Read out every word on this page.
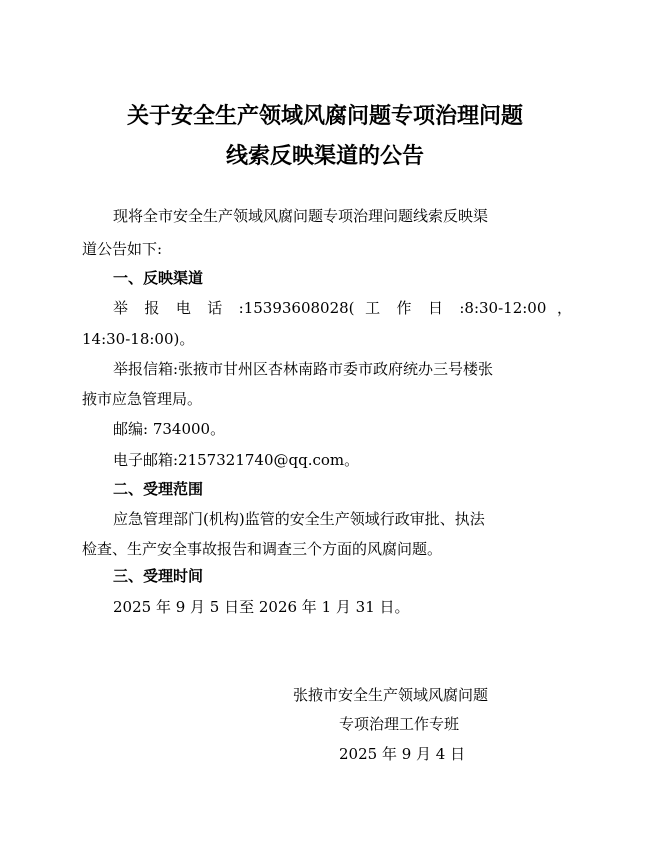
关于安全生产领域风腐问题专项治理问题
线索反映渠道的公告
现将全市安全生产领域风腐问题专项治理问题线索反映渠
道公告如下:
一、反映渠道
举 报 电 话 :15393608028( 工 作 日 :8:30-12:00 ，
14:30-18:00)。
举报信箱:张掖市甘州区杏林南路市委市政府统办三号楼张
掖市应急管理局。
邮编: 734000。
电子邮箱:2157321740@qq.com。
二、受理范围
应急管理部门(机构)监管的安全生产领域行政审批、执法
检查、生产安全事故报告和调查三个方面的风腐问题。
三、受理时间
2025 年 9 月 5 日至 2026 年 1 月 31 日。
张掖市安全生产领域风腐问题
专项治理工作专班
2025 年 9 月 4 日
